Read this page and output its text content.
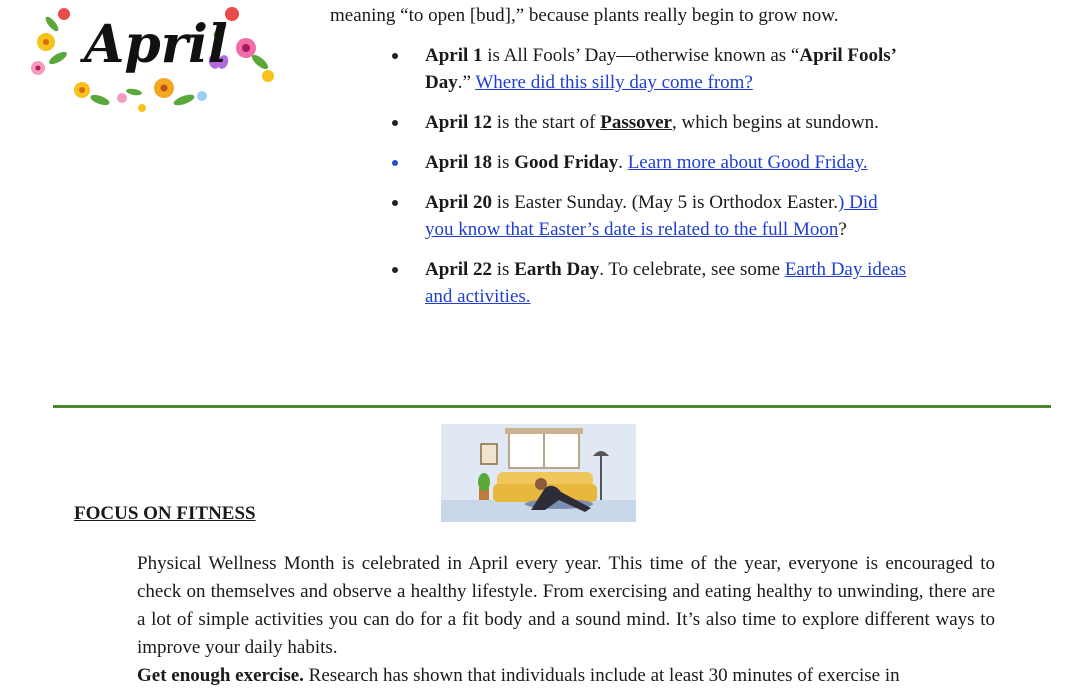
April	meaning “to open [bud],” because plants really begin to grow now.

April 1 is All Fools’ Day—otherwise known as “April Fools’ Day.” Where did this silly day come from?
April 12 is the start of Passover, which begins at sundown.
April 18 is Good Friday. Learn more about Good Friday.
April 20 is Easter Sunday. (May 5 is Orthodox Easter.) Did you know that Easter’s date is related to the full Moon?
April 22 is Earth Day. To celebrate, see some Earth Day ideas and activities.
FOCUS ON FITNESS

Physical Wellness Month is celebrated in April every year. This time of the year, everyone is encouraged to check on themselves and observe a healthy lifestyle. From exercising and eating healthy to unwinding, there are a lot of simple activities you can do for a fit body and a sound mind. It’s also time to explore different ways to improve your daily habits.

Get enough exercise. Research has shown that individuals include at least 30 minutes of exercise in
